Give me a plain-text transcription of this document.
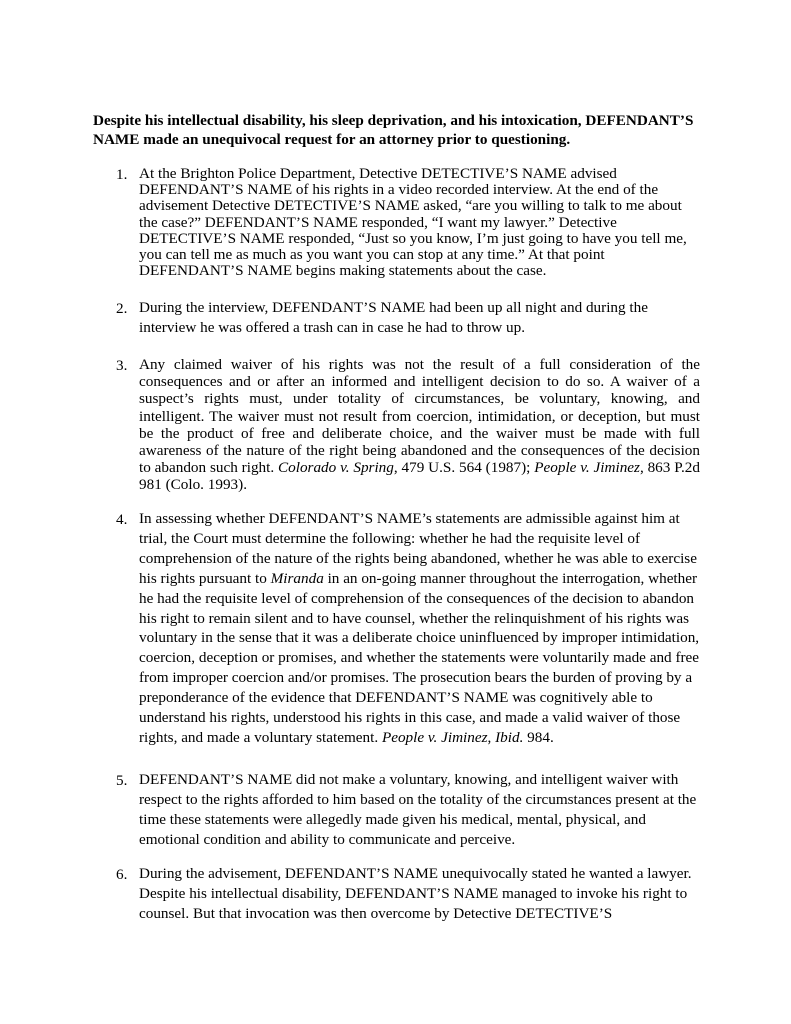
Despite his intellectual disability, his sleep deprivation, and his intoxication, DEFENDANT’S NAME made an unequivocal request for an attorney prior to questioning.

1. At the Brighton Police Department, Detective DETECTIVE’S NAME advised DEFENDANT’S NAME of his rights in a video recorded interview. At the end of the advisement Detective DETECTIVE’S NAME asked, “are you willing to talk to me about the case?” DEFENDANT’S NAME responded, “I want my lawyer.” Detective DETECTIVE’S NAME responded, “Just so you know, I’m just going to have you tell me, you can tell me as much as you want you can stop at any time.” At that point DEFENDANT’S NAME begins making statements about the case.

2. During the interview, DEFENDANT’S NAME had been up all night and during the interview he was offered a trash can in case he had to throw up.

3. Any claimed waiver of his rights was not the result of a full consideration of the consequences and or after an informed and intelligent decision to do so. A waiver of a suspect’s rights must, under totality of circumstances, be voluntary, knowing, and intelligent. The waiver must not result from coercion, intimidation, or deception, but must be the product of free and deliberate choice, and the waiver must be made with full awareness of the nature of the right being abandoned and the consequences of the decision to abandon such right. Colorado v. Spring, 479 U.S. 564 (1987); People v. Jiminez, 863 P.2d 981 (Colo. 1993).

4. In assessing whether DEFENDANT’S NAME’s statements are admissible against him at trial, the Court must determine the following: whether he had the requisite level of comprehension of the nature of the rights being abandoned, whether he was able to exercise his rights pursuant to Miranda in an on-going manner throughout the interrogation, whether he had the requisite level of comprehension of the consequences of the decision to abandon his right to remain silent and to have counsel, whether the relinquishment of his rights was voluntary in the sense that it was a deliberate choice uninfluenced by improper intimidation, coercion, deception or promises, and whether the statements were voluntarily made and free from improper coercion and/or promises. The prosecution bears the burden of proving by a preponderance of the evidence that DEFENDANT’S NAME was cognitively able to understand his rights, understood his rights in this case, and made a valid waiver of those rights, and made a voluntary statement. People v. Jiminez, Ibid. 984.

5. DEFENDANT’S NAME did not make a voluntary, knowing, and intelligent waiver with respect to the rights afforded to him based on the totality of the circumstances present at the time these statements were allegedly made given his medical, mental, physical, and emotional condition and ability to communicate and perceive.

6. During the advisement, DEFENDANT’S NAME unequivocally stated he wanted a lawyer. Despite his intellectual disability, DEFENDANT’S NAME managed to invoke his right to counsel. But that invocation was then overcome by Detective DETECTIVE’S
